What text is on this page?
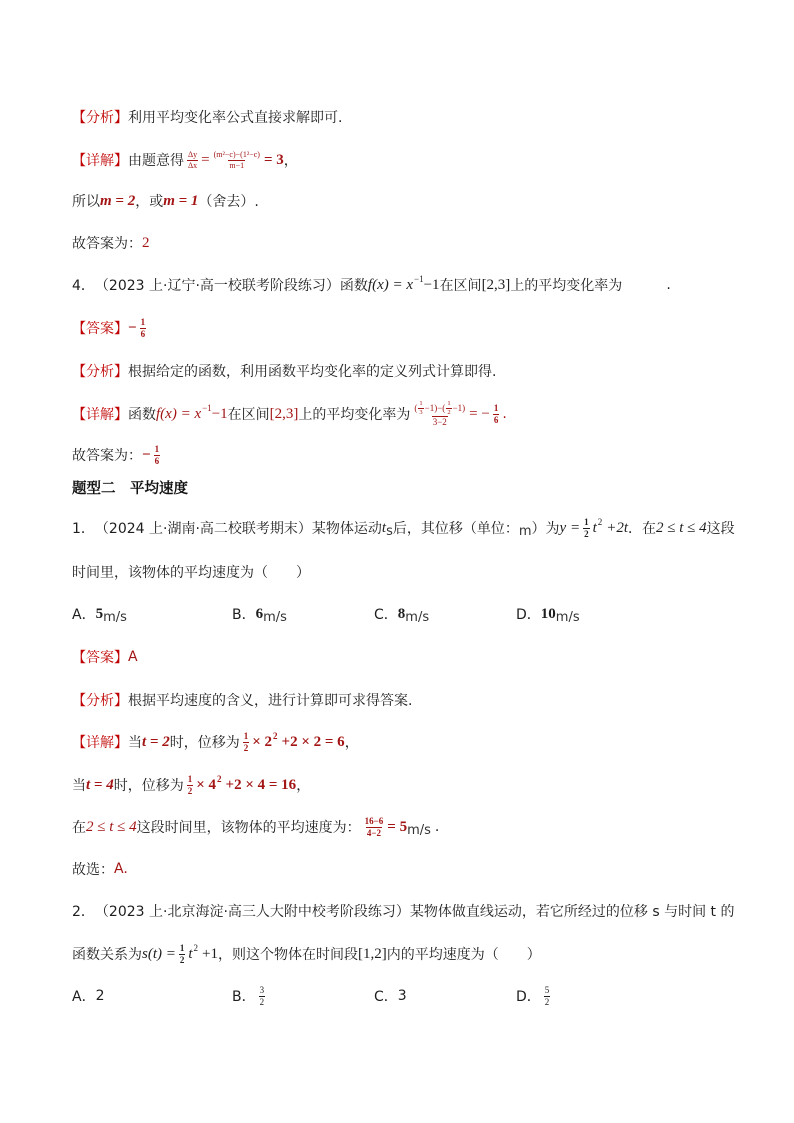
【分析】 利用平均变化率公式直接求解即可.
【详解】 由题意得 $\frac{\Delta y}{\Delta x} = \frac{\text{(m²−c)−(1²−c)}}{m-1} = 3$ ，
所以 m = 2 ，或 m = 1 （舍去）.
故答案为： 2
4． （2023 上·辽宁·高一校联考阶段练习） 函数 f(x) = x −1 −1 在区间 [2,3] 上的平均变化率为	.
【答案】 − $\frac{1}{6}$
【分析】 根据给定的函数，利用函数平均变化率的定义列式计算即得.
【详解】 函数 f(x) = x −1 −1 在区间 [2,3] 上的平均变化率为 ( $\frac{1}{3} -1)-( \frac{1}{2} -1)$
3−2
= − $\frac{1}{6}$ .
故答案为： − $\frac{1}{6}$
题型二　平均速度
1． （2024 上·湖南·高二校联考期末） 某物体运动 t s 后，其位移（单位： m ）为 $y = \frac{1}{2}$ t 2 +2t ．在 2 ≤ t ≤ 4 这段
时间里，该物体的平均速度为（　　）
A． 5 m/s	B． 6 m/s	C． 8 m/s	D． 10 m/s
【答案】 A
【分析】 根据平均速度的含义，进行计算即可求得答案.
【详解】 当 t = 2 时，位移为 $\frac{1}{2} \times 2$ 2 +2 × 2 = 6 ，
当 t = 4 时，位移为 $\frac{1}{2} \times 4$ 2 +2 × 4 = 16 ，
在 2 ≤ t ≤ 4 这段时间里，该物体的平均速度为： $\frac{16-6}{4-2} = 5$ m/s .
故选： A.
2． （2023 上·北京海淀·高三人大附中校考阶段练习） 某物体做直线运动，若它所经过的位移 s 与时间 t 的
函数关系为 $s(t) = \frac{1}{2}$ t 2 +1 ，则这个物体在时间段 [1,2] 内的平均速度为（　　）
A． 2	B． $\frac{3}{2}$	C． 3	D． $\frac{5}{2}$
